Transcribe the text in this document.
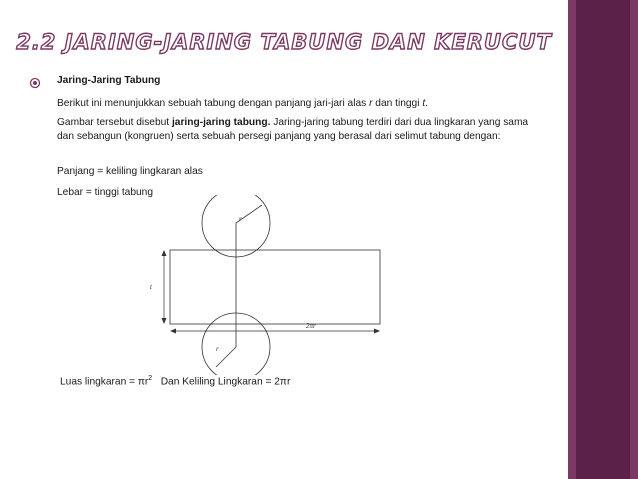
2.2 JARING-JARING TABUNG DAN KERUCUT
Jaring-Jaring Tabung
Berikut ini menunjukkan sebuah tabung dengan panjang jari-jari alas r dan tinggi t.
Gambar tersebut disebut jaring-jaring tabung. Jaring-jaring tabung terdiri dari dua lingkaran yang sama dan sebangun (kongruen) serta sebuah persegi panjang yang berasal dari selimut tabung dengan:
Panjang = keliling lingkaran alas
Lebar = tinggi tabung
r
r
t
2πr
Luas lingkaran = $\pi r^2$   Dan Keliling Lingkaran = 2πr
